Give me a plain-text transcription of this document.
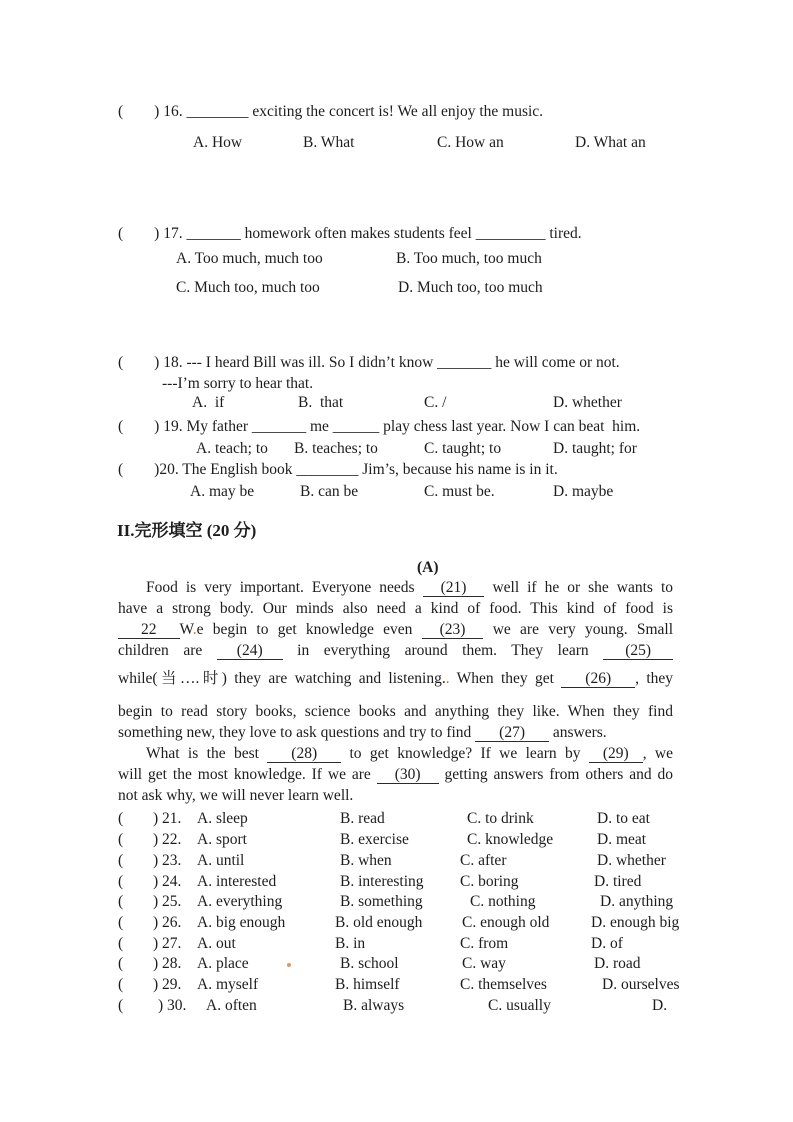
(        ) 16. ________ exciting the concert is! We all enjoy the music.
A. How	B. What	C. How an	D. What an
(        ) 17. _______ homework often makes students feel _________ tired.
A. Too much, much too	B. Too much, too much
C. Much too, much too	D. Much too, too much
(        ) 18. --- I heard Bill was ill. So I didn’t know _______ he will come or not.
---I’m sorry to hear that.
A.  if	B.  that	C. /	D. whether
(        ) 19. My father _______ me ______ play chess last year. Now I can beat  him.
A. teach; to B. teaches; to	C. taught; to	D. taught; for
(        )20. The English book ________ Jim’s, because his name is in it.
A. may be	B. can be	C. must be.	D. maybe
II.完形填空 (20 分)
(A)
Food is very important. Everyone needs (21) well if he or she wants to
have a strong body. Our minds also need a kind of food. This kind of food is
22 W.e begin to get knowledge even (23) we are very young. Small
children are (24) in everything around them. They learn (25)
while(当….时) they are watching and listening.. When they get (26) , they
begin to read story books, science books and anything they like. When they find
something new, they love to ask questions and try to find (27) answers.
What is the best (28) to get knowledge? If we learn by (29) , we
will get the most knowledge. If we are (30) getting answers from others and do
not ask why, we will never learn well.
( ) 21. A. sleep	B. read	C. to drink	D. to eat
( ) 22. A. sport	B. exercise	C. knowledge	D. meat
( ) 23. A. until	B. when	C. after	D. whether
( ) 24. A. interested	B. interesting C. boring	D. tired
( ) 25. A. everything	B. something	C. nothing	D. anything
( ) 26. A. big enough	B. old enough	C. enough old	D. enough big
( ) 27. A. out	B. in	C. from	D. of
( ) 28. A. place	B. school	C. way	D. road
( ) 29. A. myself	B. himself	C. themselves	D. ourselves
( ) 30. A. often	B. always	C. usually	D.
